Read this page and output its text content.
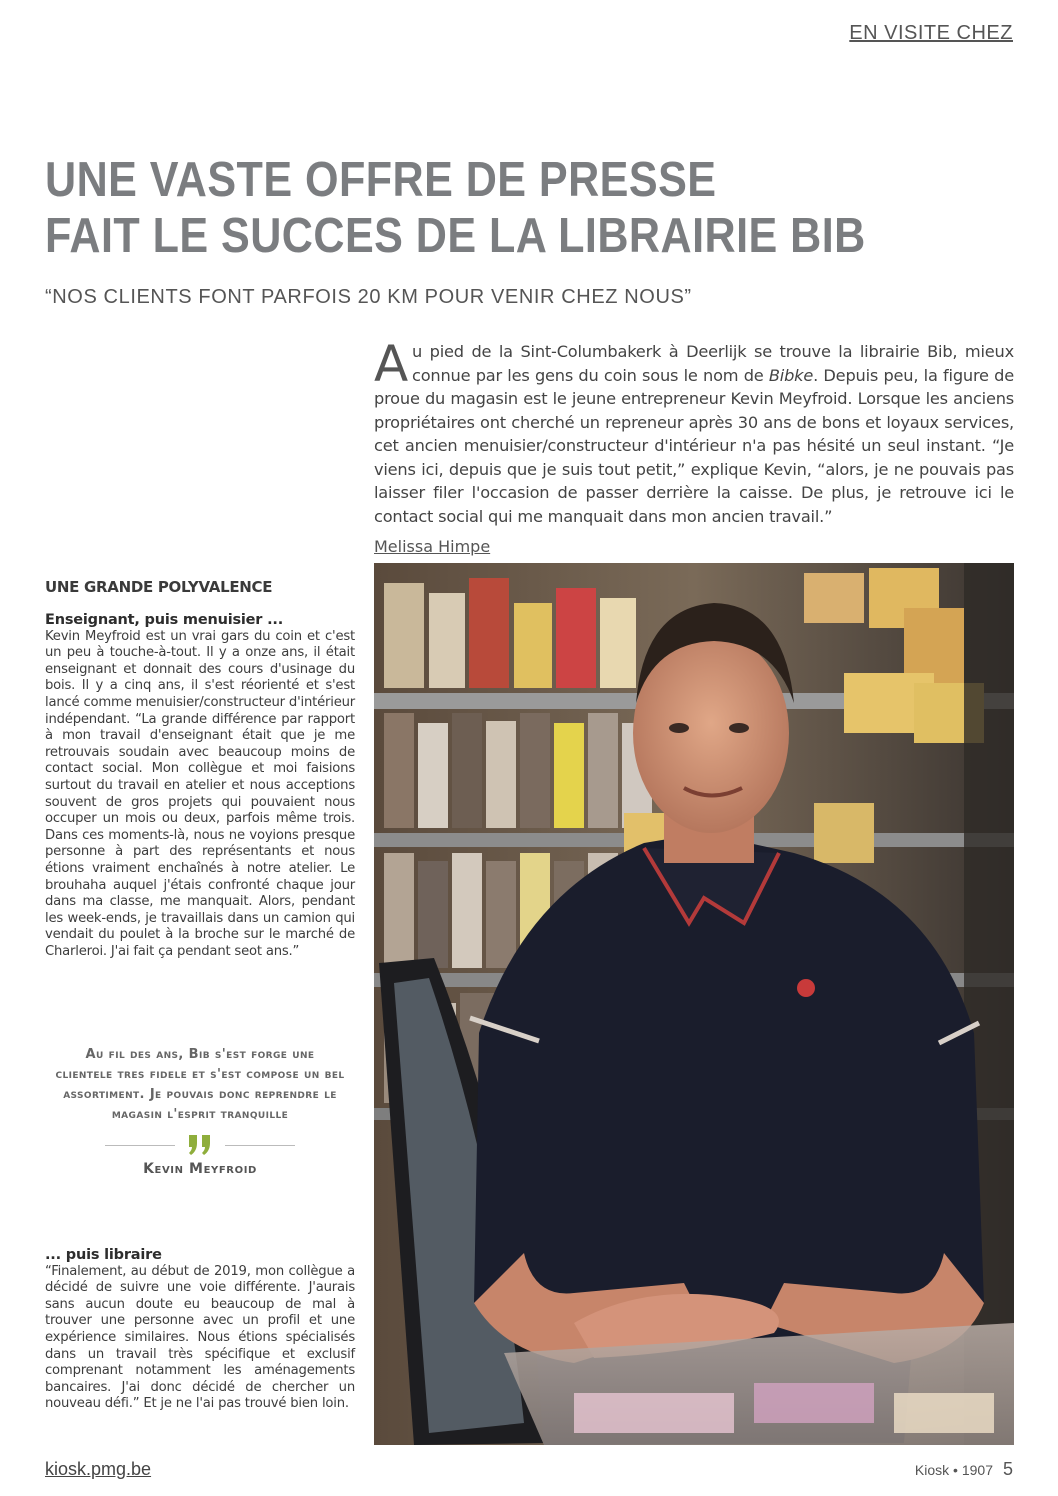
EN VISITE CHEZ
UNE VASTE OFFRE DE PRESSE
FAIT LE SUCCES DE LA LIBRAIRIE BIB

“NOS CLIENTS FONT PARFOIS 20 KM POUR VENIR CHEZ NOUS”

Au pied de la Sint-Columbakerk à Deerlijk se trouve la librairie Bib, mieux connue par les gens du coin sous le nom de Bibke. Depuis peu, la figure de proue du magasin est le jeune entrepreneur Kevin Meyfroid. Lorsque les anciens propriétaires ont cherché un repreneur après 30 ans de bons et loyaux services, cet ancien menuisier/constructeur d'intérieur n'a pas hésité un seul instant. “Je viens ici, depuis que je suis tout petit,” explique Kevin, “alors, je ne pouvais pas laisser filer l'occasion de passer derrière la caisse. De plus, je retrouve ici le contact social qui me manquait dans mon ancien travail.”

Melissa Himpe
UNE GRANDE POLYVALENCE
Enseignant, puis menuisier ...
Kevin Meyfroid est un vrai gars du coin et c'est un peu à touche-à-tout. Il y a onze ans, il était enseignant et donnait des cours d'usinage du bois. Il y a cinq ans, il s'est réorienté et s'est lancé comme menuisier/constructeur d'intérieur indépendant. “La grande différence par rapport à mon travail d'enseignant était que je me retrouvais soudain avec beaucoup moins de contact social. Mon collègue et moi faisions surtout du travail en atelier et nous acceptions souvent de gros projets qui pouvaient nous occuper un mois ou deux, parfois même trois. Dans ces moments-là, nous ne voyions presque personne à part des représentants et nous étions vraiment enchaînés à notre atelier. Le brouhaha auquel j'étais confronté chaque jour dans ma classe, me manquait. Alors, pendant les week-ends, je travaillais dans un camion qui vendait du poulet à la broche sur le marché de Charleroi. J'ai fait ça pendant seot ans.”

Au fil des ans, Bib s'est forge une clientele tres fidele et s'est compose un bel assortiment. Je pouvais donc reprendre le magasin l'esprit tranquille

Kevin Meyfroid

... puis libraire
“Finalement, au début de 2019, mon collègue a décidé de suivre une voie différente. J'aurais sans aucun doute eu beaucoup de mal à trouver une personne avec un profil et une expérience similaires. Nous étions spécialisés dans un travail très spécifique et exclusif comprenant notamment les aménagements bancaires. J'ai donc décidé de chercher un nouveau défi.” Et je ne l'ai pas trouvé bien loin.
kiosk.pmg.be	Kiosk • 1907 5
